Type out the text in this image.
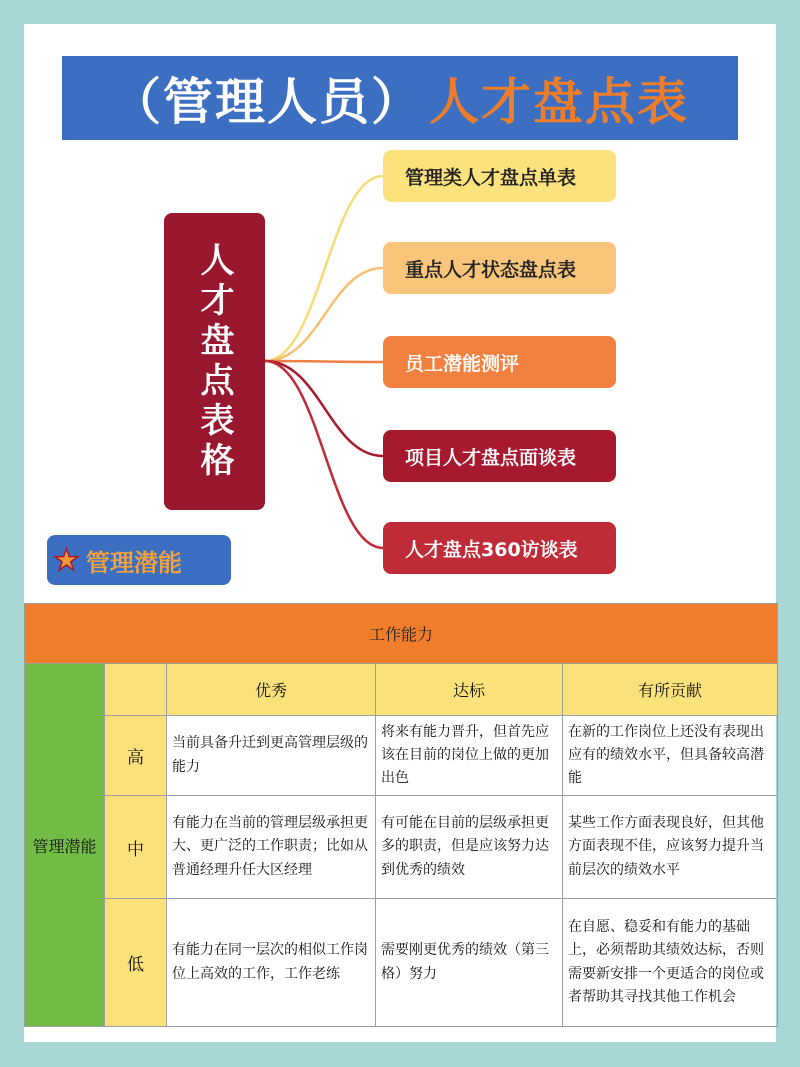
（管理人员） 人才盘点表
人才盘点表格
管理类人才盘点单表
重点人才状态盘点表
员工潜能测评
项目人才盘点面谈表
人才盘点360访谈表
★ 管理潜能
工作能力				
管理潜能		优秀	达标	有所贡献
	高	当前具备升迁到更高管理层级的能力	将来有能力晋升，但首先应该在目前的岗位上做的更加出色	在新的工作岗位上还没有表现出应有的绩效水平，但具备较高潜能
	中	有能力在当前的管理层级承担更大、更广泛的工作职责；比如从普通经理升任大区经理	有可能在目前的层级承担更多的职责，但是应该努力达到优秀的绩效	某些工作方面表现良好，但其他方面表现不佳，应该努力提升当前层次的绩效水平
	低	有能力在同一层次的相似工作岗位上高效的工作，工作老练	需要刚更优秀的绩效（第三格）努力	在自愿、稳妥和有能力的基础上，必须帮助其绩效达标，否则需要新安排一个更适合的岗位或者帮助其寻找其他工作机会
